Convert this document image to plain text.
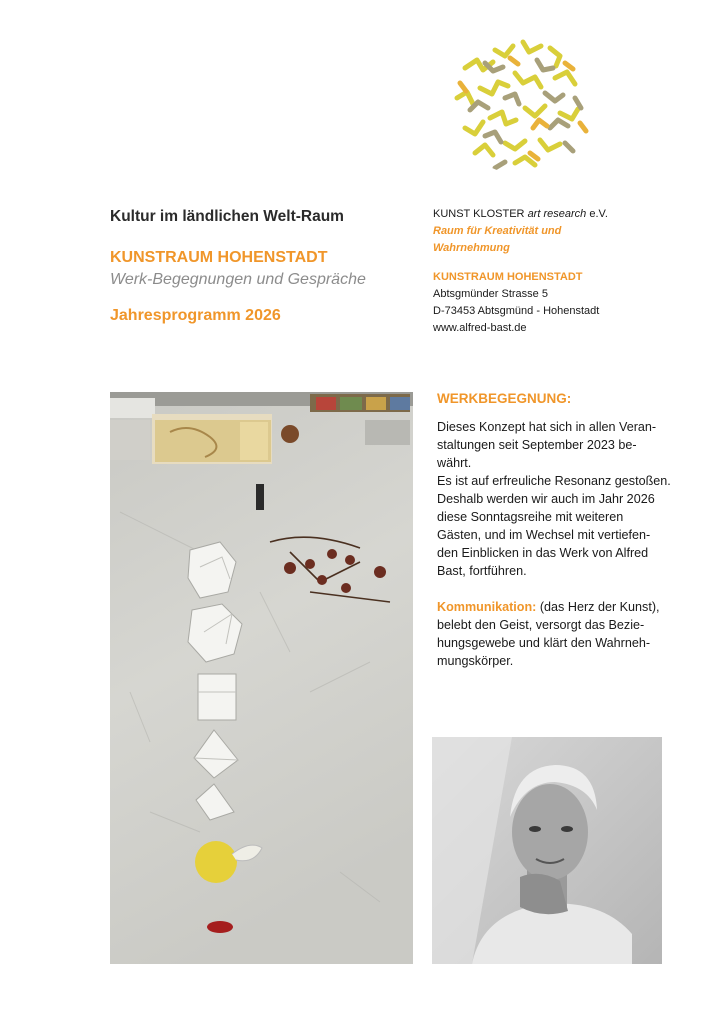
Kultur im ländlichen Welt-Raum
KUNSTRAUM HOHENSTADT
Werk-Begegnungen und Gespräche
Jahresprogramm 2026
KUNST KLOSTER art research e.V.
Raum für Kreativität und
Wahrnehmung
KUNSTRAUM HOHENSTADT
Abtsgmünder Strasse 5
D-73453 Abtsgmünd - Hohenstadt
www.alfred-bast.de
WERKBEGEGNUNG:

Dieses Konzept hat sich in allen Veran-
staltungen seit September 2023 be-
währt.
Es ist auf erfreuliche Resonanz gestoßen.
Deshalb werden wir auch im Jahr 2026
diese Sonntagsreihe mit weiteren
Gästen, und im Wechsel mit vertiefen-
den Einblicken in das Werk von Alfred
Bast, fortführen.

Kommunikation: (das Herz der Kunst),
belebt den Geist, versorgt das Bezie-
hungsgewebe und klärt den Wahrneh-
mungskörper.
